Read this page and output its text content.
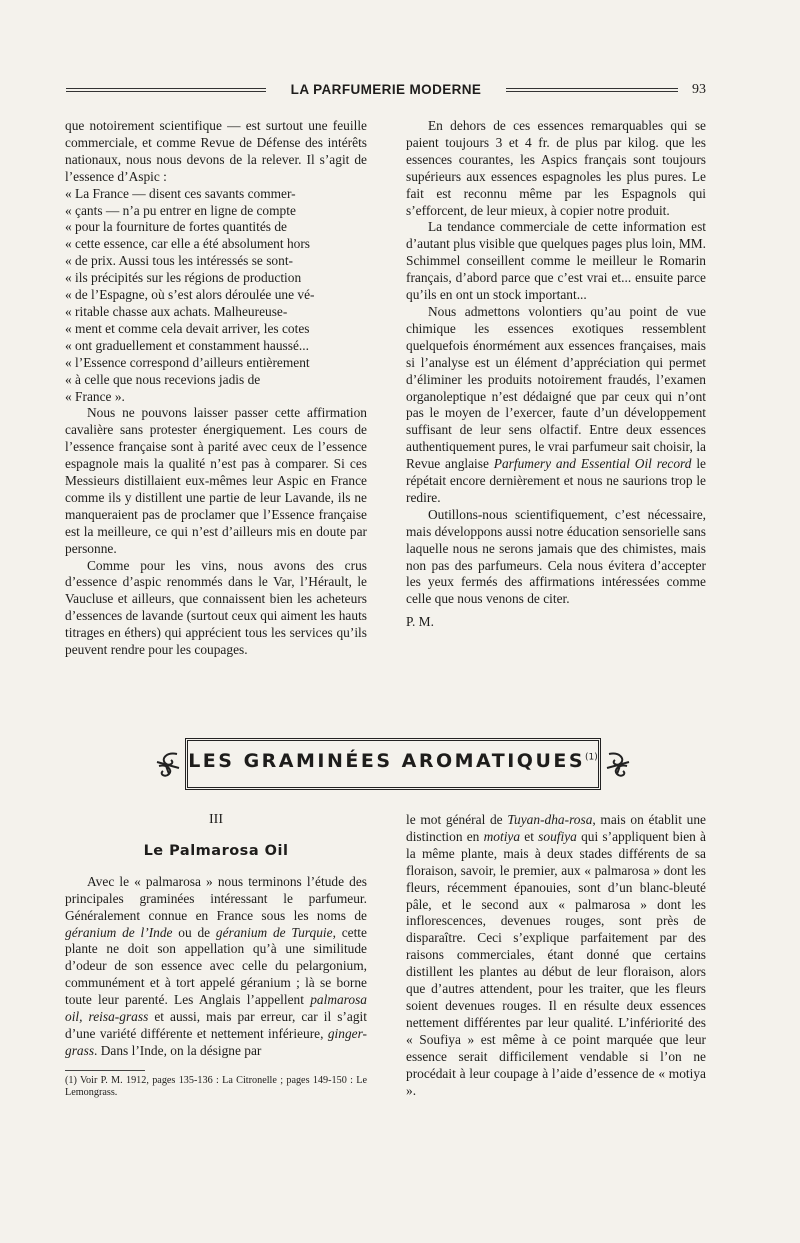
LA PARFUMERIE MODERNE	93

que notoirement scientifique — est surtout une feuille commerciale, et comme Revue de Défense des intérêts nationaux, nous nous devons de la relever. Il s’agit de l’essence d’Aspic :

« La France — disent ces savants commer-

« çants — n’a pu entrer en ligne de compte

« pour la fourniture de fortes quantités de

« cette essence, car elle a été absolument hors

« de prix. Aussi tous les intéressés se sont-

« ils précipités sur les régions de production

« de l’Espagne, où s’est alors déroulée une vé-

« ritable chasse aux achats. Malheureuse-

« ment et comme cela devait arriver, les cotes

« ont graduellement et constamment haussé...

« l’Essence correspond d’ailleurs entièrement

« à celle que nous recevions jadis de

« France ».

Nous ne pouvons laisser passer cette affirmation cavalière sans protester énergiquement. Les cours de l’essence française sont à parité avec ceux de l’essence espagnole mais la qualité n’est pas à comparer. Si ces Messieurs distillaient eux-mêmes leur Aspic en France comme ils y distillent une partie de leur Lavande, ils ne manqueraient pas de proclamer que l’Essence française est la meilleure, ce qui n’est d’ailleurs mis en doute par personne.

Comme pour les vins, nous avons des crus d’essence d’aspic renommés dans le Var, l’Hérault, le Vaucluse et ailleurs, que connaissent bien les acheteurs d’essences de lavande (surtout ceux qui aiment les hauts titrages en éthers) qui apprécient tous les services qu’ils peuvent rendre pour les coupages.

En dehors de ces essences remarquables qui se paient toujours 3 et 4 fr. de plus par kilog. que les essences courantes, les Aspics français sont toujours supérieurs aux essences espagnoles les plus pures. Le fait est reconnu même par les Espagnols qui s’efforcent, de leur mieux, à copier notre produit.

La tendance commerciale de cette information est d’autant plus visible que quelques pages plus loin, MM. Schimmel conseillent comme le meilleur le Romarin français, d’abord parce que c’est vrai et... ensuite parce qu’ils en ont un stock important...

Nous admettons volontiers qu’au point de vue chimique les essences exotiques ressemblent quelquefois énormément aux essences françaises, mais si l’analyse est un élément d’appréciation qui permet d’éliminer les produits notoirement fraudés, l’examen organoleptique n’est dédaigné que par ceux qui n’ont pas le moyen de l’exercer, faute d’un développement suffisant de leur sens olfactif. Entre deux essences authentiquement pures, le vrai parfumeur sait choisir, la Revue anglaise Parfumery and Essential Oil record le répétait encore dernièrement et nous ne saurions trop le redire.

Outillons-nous scientifiquement, c’est nécessaire, mais développons aussi notre éducation sensorielle sans laquelle nous ne serons jamais que des chimistes, mais non pas des parfumeurs. Cela nous évitera d’accepter les yeux fermés des affirmations intéressées comme celle que nous venons de citer.

P. M.

LES GRAMINÉES AROMATIQUES$^{(1)}$

III

Le Palmarosa Oil

Avec le « palmarosa » nous terminons l’étude des principales graminées intéressant le parfumeur. Généralement connue en France sous les noms de géranium de l’Inde ou de géranium de Turquie, cette plante ne doit son appellation qu’à une similitude d’odeur de son essence avec celle du pelargonium, communément et à tort appelé géranium ; là se borne toute leur parenté. Les Anglais l’appellent palmarosa oil, reisa-grass et aussi, mais par erreur, car il s’agit d’une variété différente et nettement inférieure, ginger-grass. Dans l’Inde, on la désigne par

(1) Voir P. M. 1912, pages 135-136 : La Citronelle ; pages 149-150 : Le Lemongrass.

le mot général de Tuyan-dha-rosa, mais on établit une distinction en motiya et soufiya qui s’appliquent bien à la même plante, mais à deux stades différents de sa floraison, savoir, le premier, aux « palmarosa » dont les fleurs, récemment épanouies, sont d’un blanc-bleuté pâle, et le second aux « palmarosa » dont les inflorescences, devenues rouges, sont près de disparaître. Ceci s’explique parfaitement par des raisons commerciales, étant donné que certains distillent les plantes au début de leur floraison, alors que d’autres attendent, pour les traiter, que les fleurs soient devenues rouges. Il en résulte deux essences nettement différentes par leur qualité. L’infériorité des « Soufiya » est même à ce point marquée que leur essence serait difficilement vendable si l’on ne procédait à leur coupage à l’aide d’essence de « motiya ».
